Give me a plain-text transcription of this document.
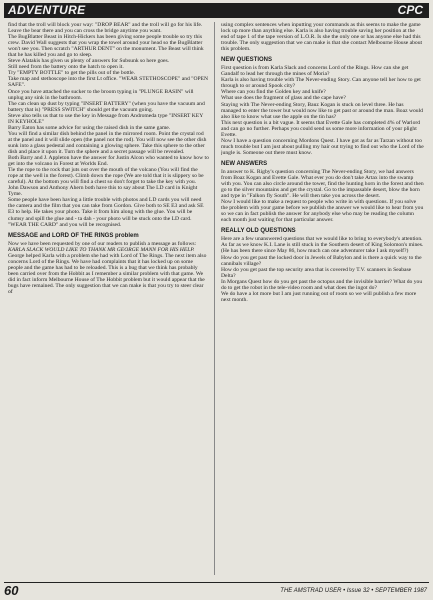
ADVENTURE	CPC

find that the troll will block your way: "DROP BEAR" and the troll will go for his life. Leave the bear there and you can cross the bridge anytime you want.

The BugBlatter Beast in Hitch-Hickers has been giving some people trouble so try this crew. David Wall suggests that you wrap the towel around your head so the BugBlatter won't see you. Then scratch "ARTHUR DENT" on the monument. The Beast will think that he has killed you and go to sleep.

Steve Alatakis has given us plenty of answers for Subsunk so here goes.

Still need from the battery onto the hatch to open it.

Try "EMPTY BOTTLE" to get the pills out of the bottle.

Take map and stethoscope into the first Lt office. "WEAR STETHOSCOPE" and "OPEN SAFE".

Once you have attached the sucker to the broom typing in "PLUNGE BASIN" will unplug any sink in the bathroom.

The can clean up dust by typing "INSERT BATTERY" (when you have the vacuum and battery that is) "PRESS SWITCH" should get the vacuum going.

Steve also tells us that to use the key in Message from Andromeda type "INSERT KEY IN KEYHOLE"

Barry Eaton has some advice for using the raised dish in the same game.

You will find a similar dish behind the panel in the mirrored room. Point the crystal rod at the panel and it will slide open (the panel not the rod). You will now see the other dish sunk into a glass pedestal and containing a glowing sphere. Take this sphere to the other dish and place it upon it. Turn the sphere and a secret passage will be revealed.

Both Barry and J. Appleton have the answer for Justin Alcon who wanted to know how to get into the volcano in Forest at Worlds End.

Tie the rope to the rock that juts out over the mouth of the volcano (You will find the rope at the well in the forest). Climb down the rope (We are told that it is slippery so be careful). At the bottom you will find a chest so don't forget to take the key with you.

John Dawson and Anthony Ahern both have this to say about The LD card in Knight Tyme.

Some people have been having a little trouble with photos and LD cards you will need the camera and the film that you can take from Gordon. Give both to SE E3 and ask SE E3 to help. He takes your photo. Take it from him along with the glue. You will be clumsy and spill the glue and - ta dah - your photo will be stuck onto the LD card. "WEAR THE CARD" and you will be recognised.

MESSAGE and LORD OF THE RINGS problem

Now we have been requested by one of our readers to publish a message as follows:

KARLA SLACK WOULD LIKE TO THANK MR GEORGE MANN FOR HIS HELP.

George helped Karla with a problem she had with Lord of The Rings. The next item also concerns Lord of the Rings. We have had complaints that it has locked up on some people and the game has had to be reloaded. This is a bug that we think has probably been carried over from the Hobbit as I remember a similar problem with that game. We did in fact inform Melbourne House of The Hobbit problem but it would appear that the bugs have remained. The only suggestion that we can make is that you try to steer clear of

using complex sentences when inputting your commands as this seems to make the game lock up more than anything else. Karla is also having trouble saving her position at the end of tape 1 of the tape version of L.O.R. Is she the only one or has anyone else had this trouble. The only suggestion that we can make is that she contact Melbourne House about this problem.

NEW QUESTIONS

First question is from Karla Slack and concerns Lord of the Rings. How can she get Gandalf to lead her through the mines of Moria?

Karla is also having trouble with The Never-ending Story. Can anyone tell her how to get through to or around Spook city?

Where can you find the Golden key and knife?

What use does the fragment of glass and the cape have?

Staying with The Never-ending Story, Bauz Kogan is stuck on level three. He has managed to enter the tower but would now like to get past or around the man. Boaz would also like to know what use the apple on the tin has?

This next question is a bit vague. It seems that Evette Gale has completed 4% of Warlord and can go no further. Perhaps you could send us some more information of your plight Evette.

Now I have a question concerning Mordons Quest. I have got as far as Tarzan without too much trouble but I am just about pulling my hair out trying to find out who the Lord of the jungle is. Someone out there must know.

NEW ANSWERS

In answer to K. Rigby's question concerning The Never-ending Story, we had answers from Boaz Kogan and Evette Gale. What ever you do don't take Artax into the swamp with you. You can also circle around the tower, find the hunting horn in the forest and then go to the silver mountains and get the crystal. Go to the impassable desert, blow the horn and type in "Falkon fly South". He will then take you across the desert.

Now I would like to make a request to people who write in with questions. If you solve the problem with your game before we publish the answer we would like to hear from you so we can in fact publish the answer for anybody else who may be reading the column each month just waiting for that particular answer.

REALLY OLD QUESTIONS

Here are a few unanswered questions that we would like to bring to everybody's attention. As far as we know K.I. Lane is still stuck in the Southern desert of King Solomon's mines. (He has been there since May 86, how much can one adventurer take I ask myself?)

How do you get past the locked door in Jewels of Babylon and is there a quick way to the cannibals village?

How do you get past the top security area that is covered by T.V. scanners in Seabase Delta?

In Morgans Quest how do you get past the octopus and the invisible barrier? What do you do to get the robot in the tele-video room and what does the ingot do?

We do have a lot more but I am just running out of room so we will publish a few more next month.

60	THE AMSTRAD USER • Issue 32 • SEPTEMBER 1987
